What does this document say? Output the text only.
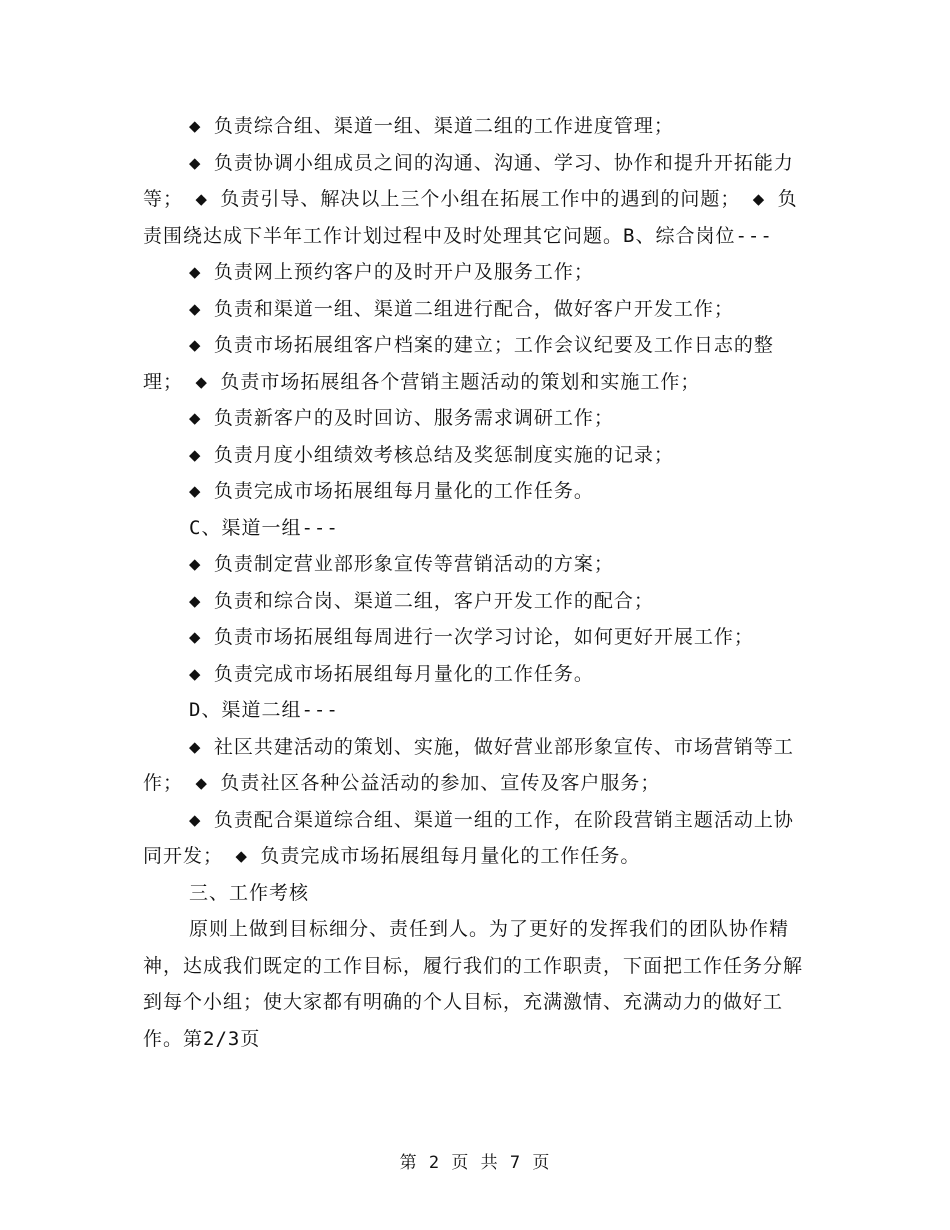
◆ 负责综合组、渠道一组、渠道二组的工作进度管理；

◆ 负责协调小组成员之间的沟通、沟通、学习、协作和提升开拓能力等； ◆ 负责引导、解决以上三个小组在拓展工作中的遇到的问题； ◆ 负责围绕达成下半年工作计划过程中及时处理其它问题。B、综合岗位---

◆ 负责网上预约客户的及时开户及服务工作；

◆ 负责和渠道一组、渠道二组进行配合，做好客户开发工作；

◆ 负责市场拓展组客户档案的建立；工作会议纪要及工作日志的整理； ◆ 负责市场拓展组各个营销主题活动的策划和实施工作；

◆ 负责新客户的及时回访、服务需求调研工作；

◆ 负责月度小组绩效考核总结及奖惩制度实施的记录；

◆ 负责完成市场拓展组每月量化的工作任务。

C、渠道一组---

◆ 负责制定营业部形象宣传等营销活动的方案；

◆ 负责和综合岗、渠道二组，客户开发工作的配合；

◆ 负责市场拓展组每周进行一次学习讨论，如何更好开展工作；

◆ 负责完成市场拓展组每月量化的工作任务。

D、渠道二组---

◆ 社区共建活动的策划、实施，做好营业部形象宣传、市场营销等工作； ◆ 负责社区各种公益活动的参加、宣传及客户服务；

◆ 负责配合渠道综合组、渠道一组的工作，在阶段营销主题活动上协同开发； ◆ 负责完成市场拓展组每月量化的工作任务。

三、工作考核

原则上做到目标细分、责任到人。为了更好的发挥我们的团队协作精神，达成我们既定的工作目标，履行我们的工作职责，下面把工作任务分解到每个小组；使大家都有明确的个人目标，充满激情、充满动力的做好工作。第2/3页

第 2 页 共 7 页
